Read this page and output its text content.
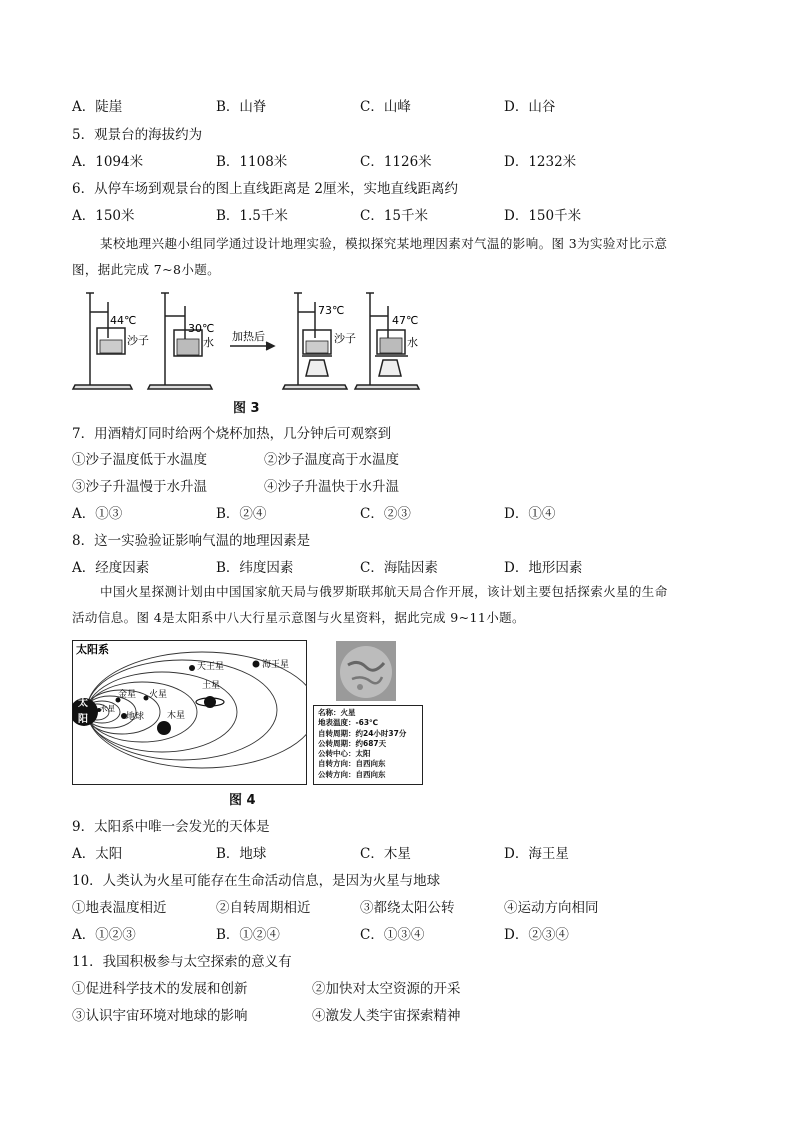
A．陡崖	B．山脊	C．山峰	D．山谷
5．观景台的海拔约为
A．1094米	B．1108米	C．1126米	D．1232米
6．从停车场到观景台的图上直线距离是 2厘米，实地直线距离约
A．150米	B．1.5千米	C．15千米	D．150千米
某校地理兴趣小组同学通过设计地理实验，模拟探究某地理因素对气温的影响。图 3为实验对比示意
图，据此完成 7~8小题。
44℃
沙子
30℃
水 加热后
73℃
沙子
47℃
水
图 3
7．用酒精灯同时给两个烧杯加热，几分钟后可观察到
①沙子温度低于水温度	②沙子温度高于水温度
③沙子升温慢于水升温	④沙子升温快于水升温
A．①③	B．②④	C．②③	D．①④
8．这一实验验证影响气温的地理因素是
A．经度因素	B．纬度因素	C．海陆因素	D．地形因素
中国火星探测计划由中国国家航天局与俄罗斯联邦航天局合作开展，该计划主要包括探索火星的生命
活动信息。图 4是太阳系中八大行星示意图与火星资料，据此完成 9~11小题。
太阳系
太
阳
水星
金星 火星
地球	木星
土星
天王星	海王星
名称：火星
地表温度：-63℃
自转周期：约24小时37分
公转周期：约687天
公转中心：太阳
自转方向：自西向东
公转方向：自西向东
图 4
9．太阳系中唯一会发光的天体是
A．太阳	B．地球	C．木星	D．海王星
10．人类认为火星可能存在生命活动信息，是因为火星与地球
①地表温度相近	②自转周期相近	③都绕太阳公转	④运动方向相同
A．①②③	B．①②④	C．①③④	D．②③④
11．我国积极参与太空探索的意义有
①促进科学技术的发展和创新	②加快对太空资源的开采
③认识宇宙环境对地球的影响	④激发人类宇宙探索精神
